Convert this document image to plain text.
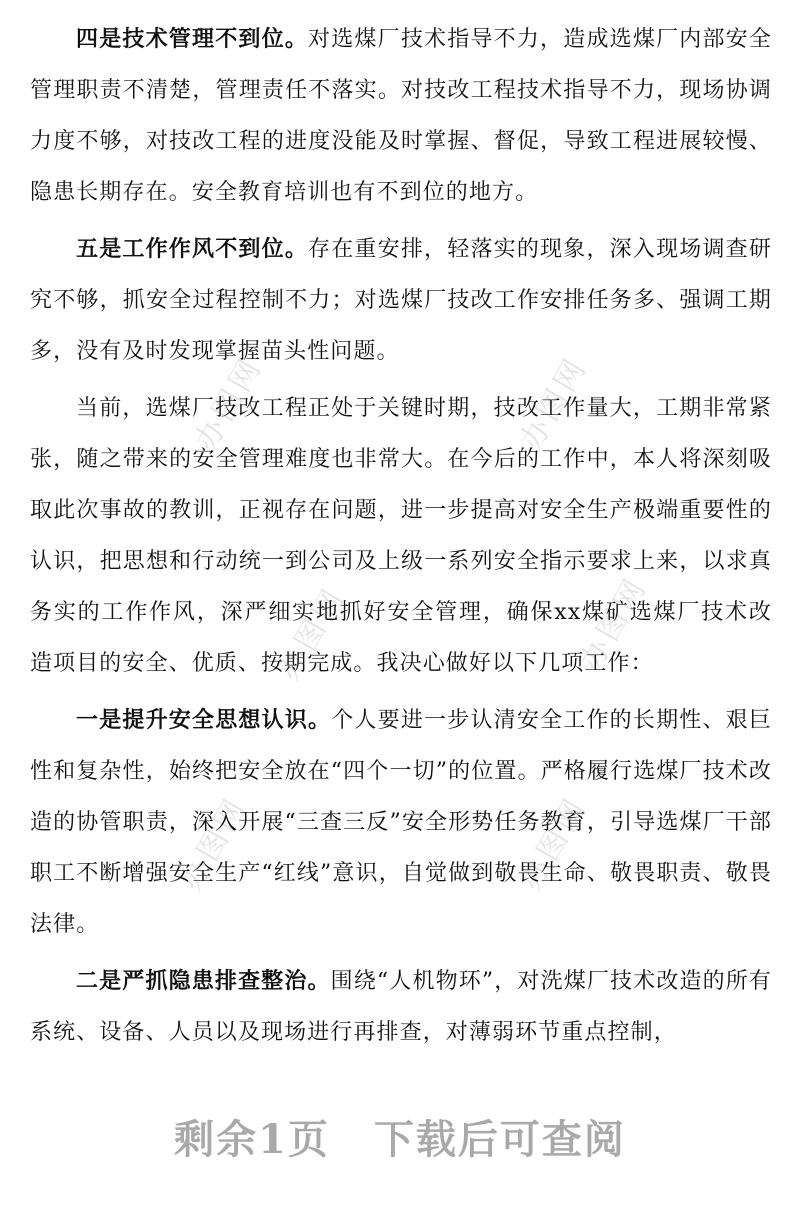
办图网	办图网
办图网	办图网
办图网	办图网

四是技术管理不到位。对选煤厂技术指导不力，造成选煤厂内部安全管理职责不清楚，管理责任不落实。对技改工程技术指导不力，现场协调力度不够，对技改工程的进度没能及时掌握、督促，导致工程进展较慢、隐患长期存在。安全教育培训也有不到位的地方。

五是工作作风不到位。存在重安排，轻落实的现象，深入现场调查研究不够，抓安全过程控制不力；对选煤厂技改工作安排任务多、强调工期多，没有及时发现掌握苗头性问题。

当前，选煤厂技改工程正处于关键时期，技改工作量大，工期非常紧张，随之带来的安全管理难度也非常大。在今后的工作中，本人将深刻吸取此次事故的教训，正视存在问题，进一步提高对安全生产极端重要性的认识，把思想和行动统一到公司及上级一系列安全指示要求上来，以求真务实的工作作风，深严细实地抓好安全管理，确保xx煤矿选煤厂技术改造项目的安全、优质、按期完成。我决心做好以下几项工作：

一是提升安全思想认识。个人要进一步认清安全工作的长期性、艰巨性和复杂性，始终把安全放在“四个一切”的位置。严格履行选煤厂技术改造的协管职责，深入开展“三查三反”安全形势任务教育，引导选煤厂干部职工不断增强安全生产“红线”意识，自觉做到敬畏生命、敬畏职责、敬畏法律。

二是严抓隐患排查整治。围绕“人机物环”，对洗煤厂技术改造的所有系统、设备、人员以及现场进行再排查，对薄弱环节重点控制，

剩余1页 下载后可查阅
